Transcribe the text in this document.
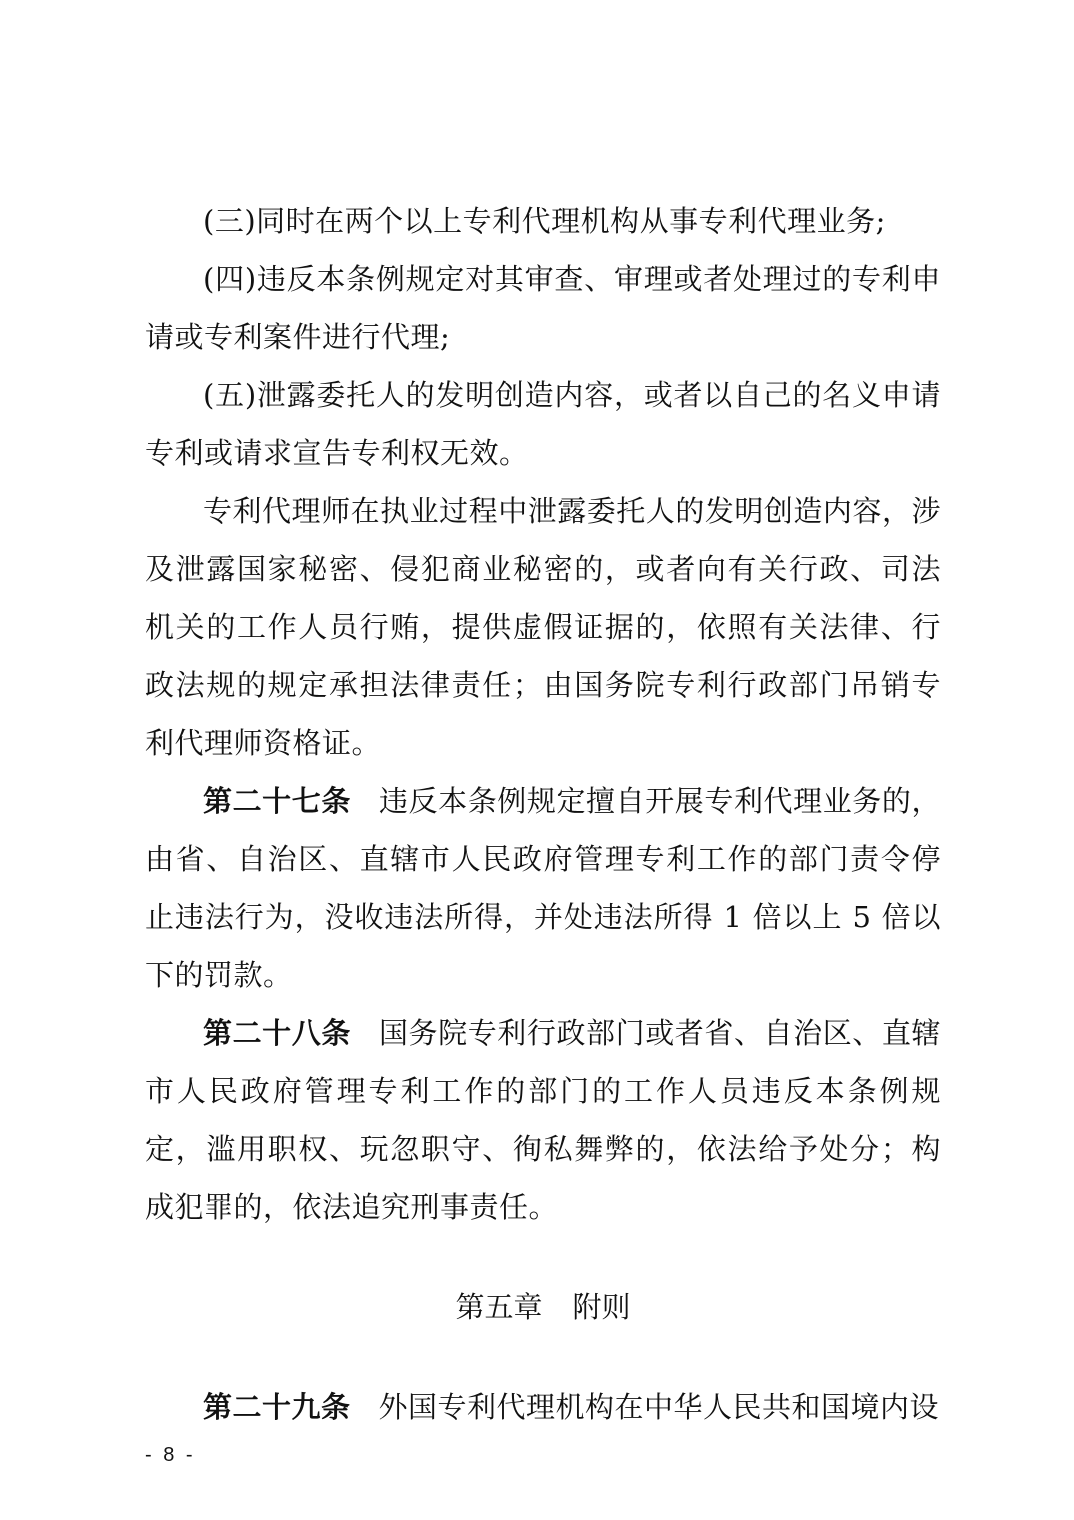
(三)同时在两个以上专利代理机构从事专利代理业务;

(四)违反本条例规定对其审查、审理或者处理过的专利申请或专利案件进行代理;

(五)泄露委托人的发明创造内容，或者以自己的名义申请专利或请求宣告专利权无效。

专利代理师在执业过程中泄露委托人的发明创造内容，涉及泄露国家秘密、侵犯商业秘密的，或者向有关行政、司法机关的工作人员行贿，提供虚假证据的，依照有关法律、行政法规的规定承担法律责任；由国务院专利行政部门吊销专利代理师资格证。

第二十七条 违反本条例规定擅自开展专利代理业务的，由省、自治区、直辖市人民政府管理专利工作的部门责令停止违法行为，没收违法所得，并处违法所得 1 倍以上 5 倍以下的罚款。

第二十八条 国务院专利行政部门或者省、自治区、直辖市人民政府管理专利工作的部门的工作人员违反本条例规定，滥用职权、玩忽职守、徇私舞弊的，依法给予处分；构成犯罪的，依法追究刑事责任。

第五章 附则

第二十九条 外国专利代理机构在中华人民共和国境内设

- 8 -
